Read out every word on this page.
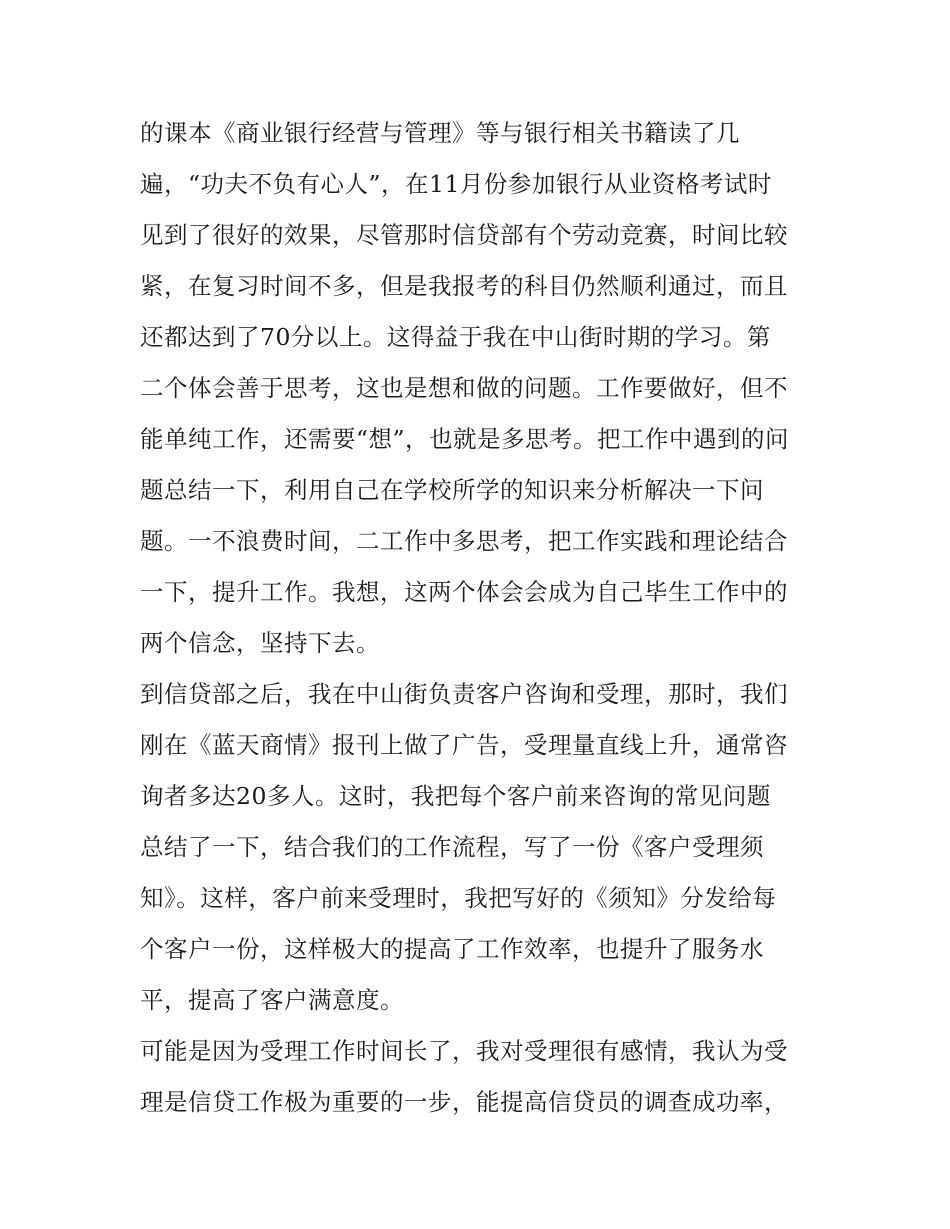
的课本《商业银行经营与管理》等与银行相关书籍读了几
遍，“功夫不负有心人”，在11月份参加银行从业资格考试时
见到了很好的效果，尽管那时信贷部有个劳动竞赛，时间比较
紧，在复习时间不多，但是我报考的科目仍然顺利通过，而且
还都达到了70分以上。这得益于我在中山街时期的学习。第
二个体会善于思考，这也是想和做的问题。工作要做好，但不
能单纯工作，还需要“想”，也就是多思考。把工作中遇到的问
题总结一下，利用自己在学校所学的知识来分析解决一下问
题。一不浪费时间，二工作中多思考，把工作实践和理论结合
一下，提升工作。我想，这两个体会会成为自己毕生工作中的
两个信念，坚持下去。
到信贷部之后，我在中山街负责客户咨询和受理，那时，我们
刚在《蓝天商情》报刊上做了广告，受理量直线上升，通常咨
询者多达20多人。这时，我把每个客户前来咨询的常见问题
总结了一下，结合我们的工作流程，写了一份《客户受理须
知》。这样，客户前来受理时，我把写好的《须知》分发给每
个客户一份，这样极大的提高了工作效率，也提升了服务水
平，提高了客户满意度。
可能是因为受理工作时间长了，我对受理很有感情，我认为受
理是信贷工作极为重要的一步，能提高信贷员的调查成功率，
